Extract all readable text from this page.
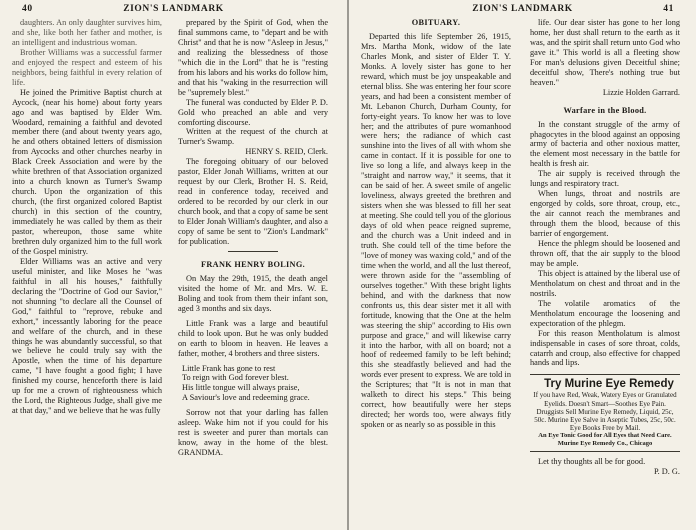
40	ZION'S LANDMARK

daughters. An only daughter survives him, and she, like both her father and mother, is an intelligent and industrious woman.

Brother Williams was a successful farmer and enjoyed the respect and esteem of his neighbors, being faithful in every relation of life.

He joined the Primitive Baptist church at Aycock, (near his home) about forty years ago and was baptised by Elder Wm. Woodard, remaining a faithful and devoted member there (and about twenty years ago, he and others obtained letters of dismission from Aycocks and other churches nearby in Black Creek Association and were by the white brethren of that Association organized into a church known as Turner's Swamp church. Upon the organization of this church, (the first organized colored Baptist church) in this section of the country, immediately he was called by them as their pastor, whereupon, those same white brethren duly organized him to the full work of the Gospel ministry.

Elder Williams was an active and very useful minister, and like Moses he "was faithful in all his houses," faithfully declaring the "Doctrine of God our Savior," not shunning "to declare all the Counsel of God," faithful to "reprove, rebuke and exhort," incessantly laboring for the peace and welfare of the church, and in these things he was abundantly successful, so that we believe he could truly say with the Apostle, when the time of his departure came, "I have fought a good fight; I have finished my course, henceforth there is laid up for me a crown of righteousness which the Lord, the Righteous Judge, shall give me at that day," and we believe that he was fully

prepared by the Spirit of God, when the final summons came, to "depart and be with Christ" and that he is now "Asleep in Jesus," and realizing the blessedness of those "which die in the Lord" that he is "resting from his labors and his works do follow him, and that his "waking in the resurrection will be "supremely blest."

The funeral was conducted by Elder P. D. Gold who preached an able and very comforting discourse.

Written at the request of the church at Turner's Swamp.

HENRY S. REID, Clerk.

The foregoing obituary of our beloved pastor, Elder Jonah Williams, written at our request by our Clerk, Brother H. S. Reid, read in conference today, received and ordered to be recorded by our clerk in our church book, and that a copy of same be sent to Elder Jonah William's daughter, and also a copy of same be sent to "Zion's Landmark" for publication.

FRANK HENRY BOLING.

On May the 29th, 1915, the death angel visited the home of Mr. and Mrs. W. E. Boling and took from them their infant son, aged 3 months and six days.

Little Frank was a large and beautiful child to look upon. But he was only budded on earth to bloom in heaven. He leaves a father, mother, 4 brothers and three sisters.

Little Frank has gone to rest

To reign with God forever blest.

His little tongue will always praise,

A Saviour's love and redeeming grace.

Sorrow not that your darling has fallen asleep. Wake him not if you could for his rest is sweeter and purer than mortals can know, away in the home of the blest. GRANDMA.

ZION'S LANDMARK	41

OBITUARY.

Departed this life September 26, 1915, Mrs. Martha Monk, widow of the late Charles Monk, and sister of Elder T. Y. Monks. A lovely sister has gone to her reward, which must be joy unspeakable and eternal bliss. She was entering her four score years, and had been a consistent member of Mt. Lebanon Church, Durham County, for forty-eight years. To know her was to love her; and the attributes of pure womanhood were hers; the radiance of which cast sunshine into the lives of all with whom she came in contact. If it is possible for one to live so long a life, and always keep in the "straight and narrow way," it seems, that it can be said of her. A sweet smile of angelic loveliness, always greeted the brethren and sisters when she was blessed to fill her seat at meeting. She could tell you of the glorious days of old when peace reigned supreme, and the church was a Unit indeed and in truth. She could tell of the time before the "love of money was waxing cold," and of the time when the world, and all the lust thereof, were thrown aside for the "assembling of ourselves together." With these bright lights behind, and with the darkness that now confronts us, this dear sister met it all with fortitude, knowing that the One at the helm was steering the ship" according to His own purpose and grace," and will likewise carry it into the harbor, with all on board; not a hoof of redeemed family to be left behind; this she steadfastly believed and had the words ever present to express. We are told in the Scriptures; that "It is not in man that walketh to direct his steps." This being correct, how beautifully were her steps directed; her words too, were always fitly spoken or as nearly so as possible in this

life. Our dear sister has gone to her long home, her dust shall return to the earth as it was, and the spirit shall return unto God who gave it." This world is all a fleeting show For man's delusions given Deceitful shine; deceitful show, There's nothing true but heaven."

Lizzie Holden Garrard.

Warfare in the Blood.

In the constant struggle of the army of phagocytes in the blood against an opposing army of bacteria and other noxious matter, the element most necessary in the battle for health is fresh air.

The air supply is received through the lungs and respiratory tract.

When lungs, throat and nostrils are engorged by colds, sore throat, croup, etc., the air cannot reach the membranes and through them the blood, because of this barrier of engorgement.

Hence the phlegm should be loosened and thrown off, that the air supply to the blood may be ample.

This object is attained by the liberal use of Mentholatum on chest and throat and in the nostrils.

The volatile aromatics of the Mentholatum encourage the loosening and expectoration of the phlegm.

For this reason Mentholatum is almost indispensable in cases of sore throat, colds, catarrh and croup, also effective for chapped hands and lips.

Try Murine Eye Remedy

If you have Red, Weak, Watery Eyes or Granulated Eyelids. Doesn't Smart—Soothes Eye Pain. Druggists Sell Murine Eye Remedy, Liquid, 25c, 50c. Murine Eye Salve in Aseptic Tubes, 25c, 50c. Eye Books Free by Mail.

An Eye Tonic Good for All Eyes that Need Care. Murine Eye Remedy Co., Chicago

Let thy thoughts all be for good.

P. D. G.
